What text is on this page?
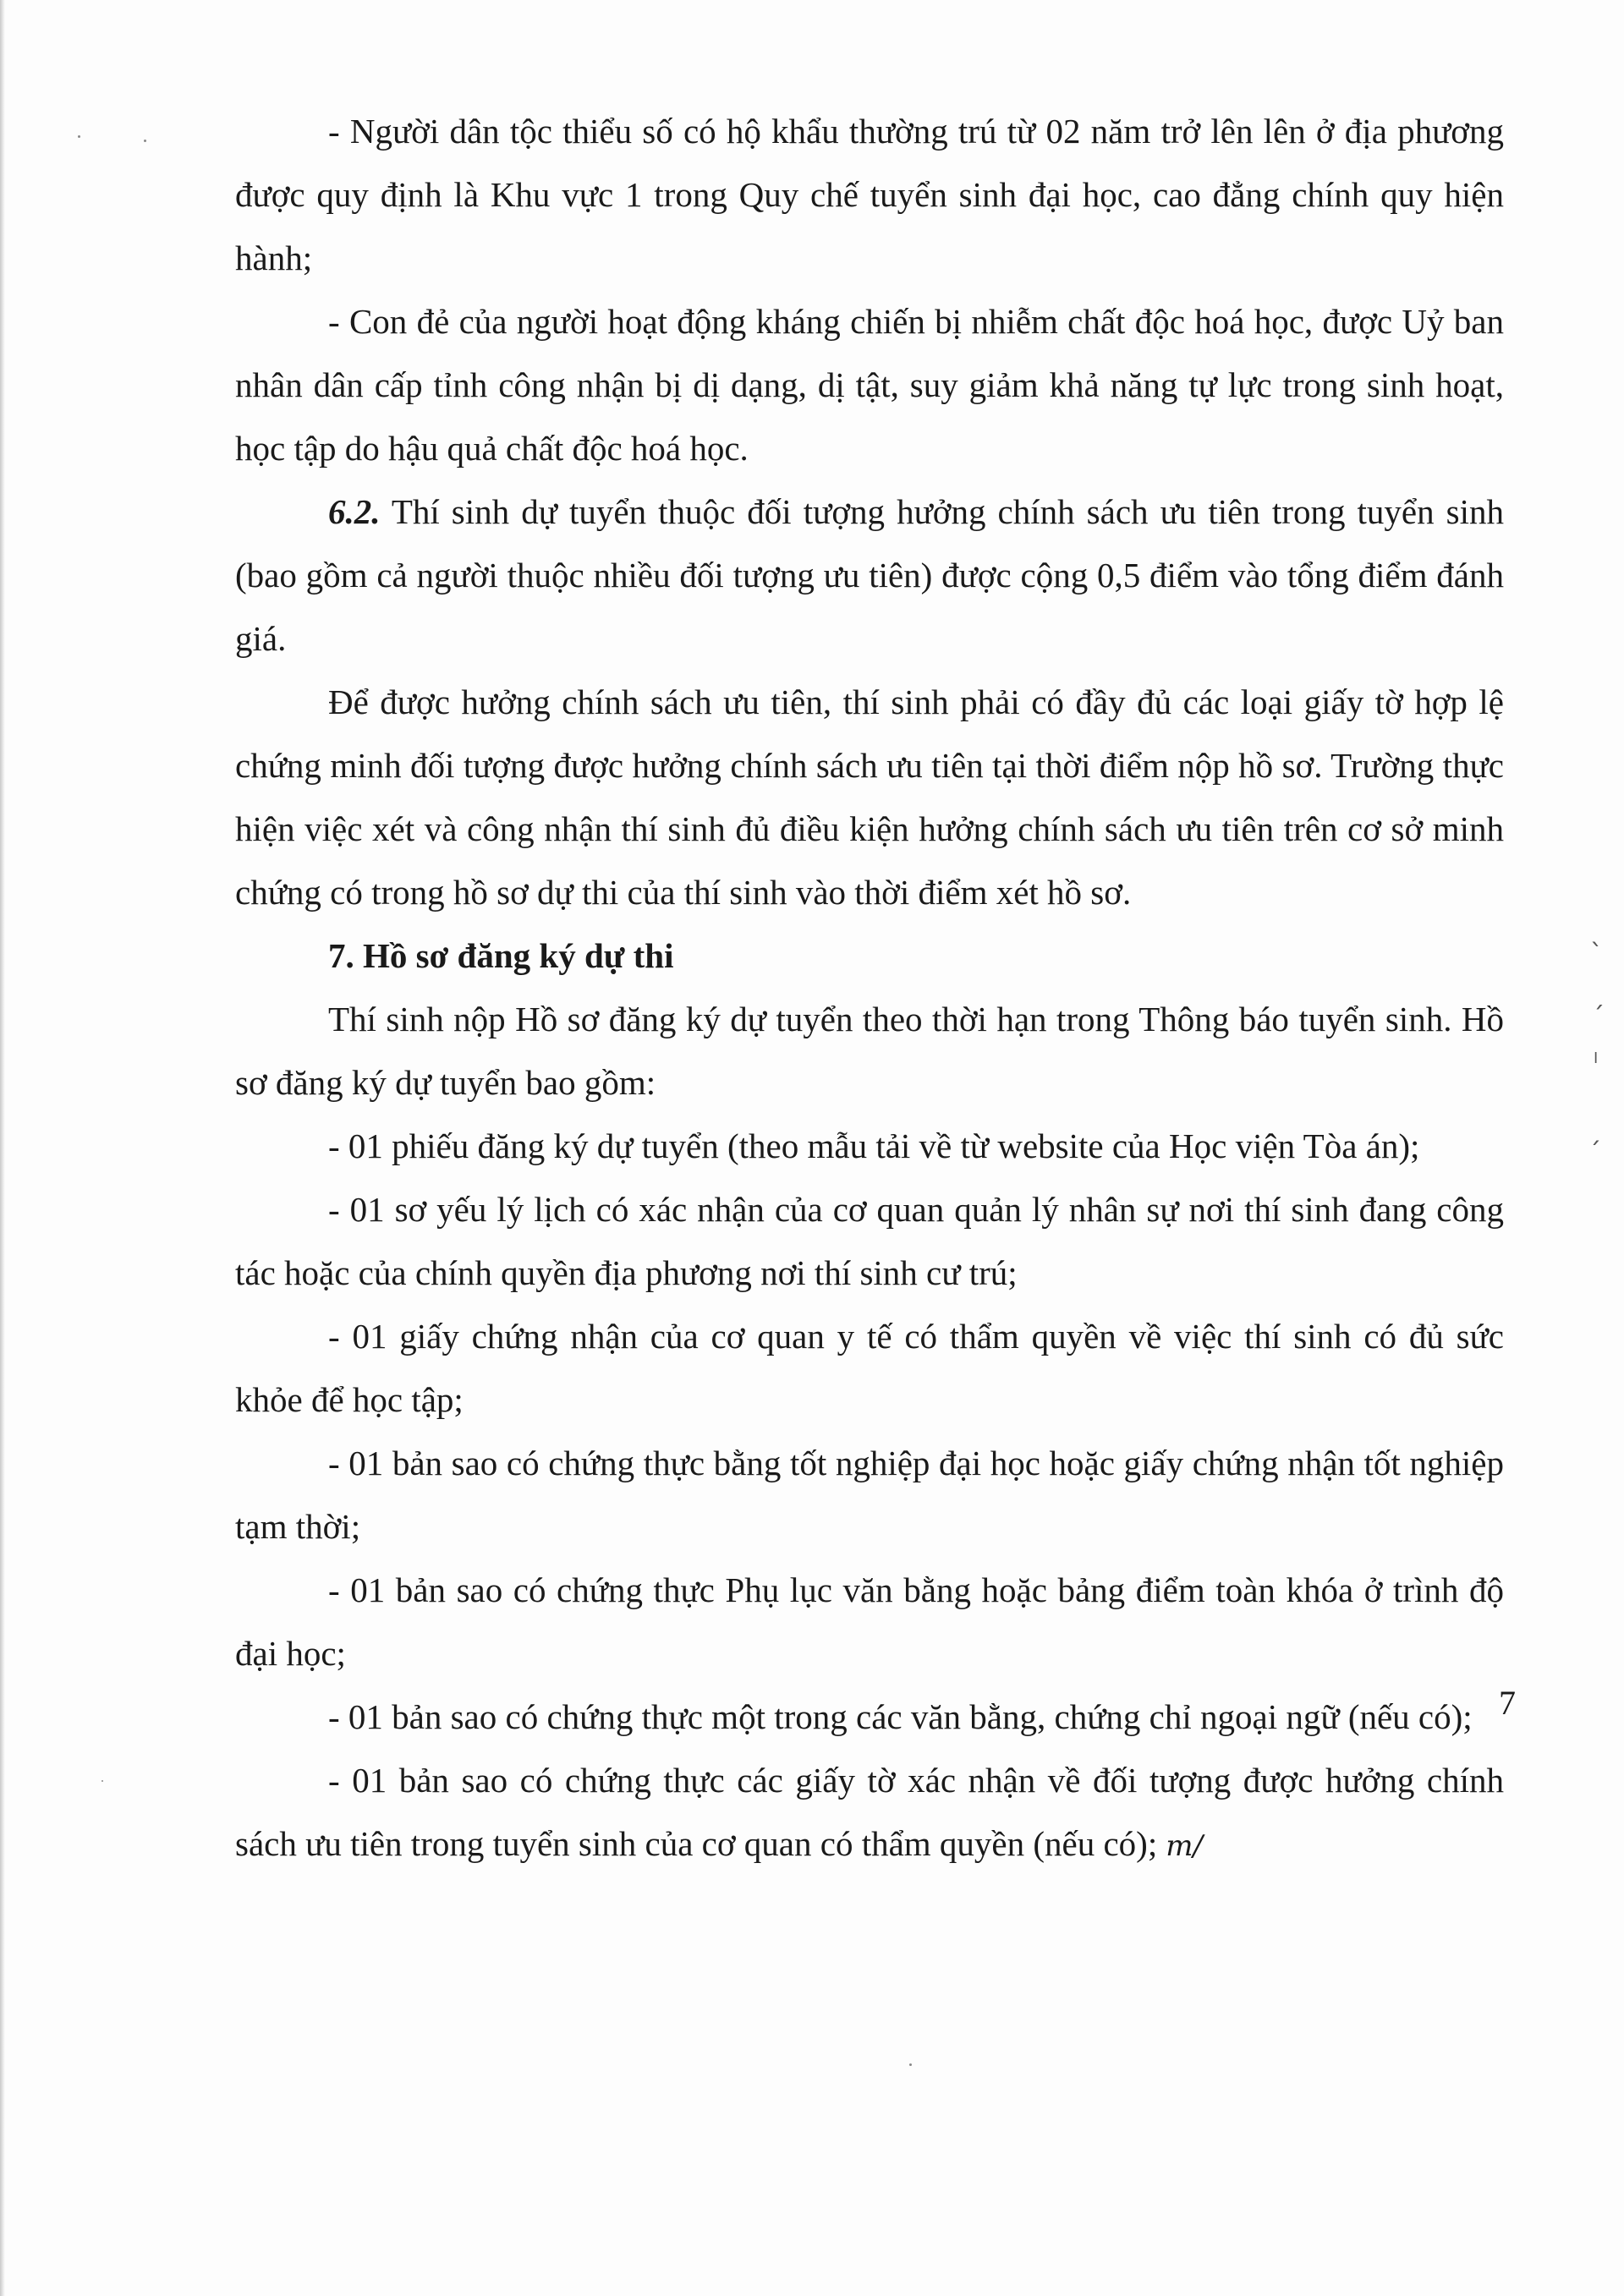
ˎ
ˊ
ˡ
ˏ

- Người dân tộc thiểu số có hộ khẩu thường trú từ 02 năm trở lên lên ở địa phương được quy định là Khu vực 1 trong Quy chế tuyển sinh đại học, cao đẳng chính quy hiện hành;

- Con đẻ của người hoạt động kháng chiến bị nhiễm chất độc hoá học, được Uỷ ban nhân dân cấp tỉnh công nhận bị dị dạng, dị tật, suy giảm khả năng tự lực trong sinh hoạt, học tập do hậu quả chất độc hoá học.

6.2. Thí sinh dự tuyển thuộc đối tượng hưởng chính sách ưu tiên trong tuyển sinh (bao gồm cả người thuộc nhiều đối tượng ưu tiên) được cộng 0,5 điểm vào tổng điểm đánh giá.

Để được hưởng chính sách ưu tiên, thí sinh phải có đầy đủ các loại giấy tờ hợp lệ chứng minh đối tượng được hưởng chính sách ưu tiên tại thời điểm nộp hồ sơ. Trường thực hiện việc xét và công nhận thí sinh đủ điều kiện hưởng chính sách ưu tiên trên cơ sở minh chứng có trong hồ sơ dự thi của thí sinh vào thời điểm xét hồ sơ.

7. Hồ sơ đăng ký dự thi

Thí sinh nộp Hồ sơ đăng ký dự tuyển theo thời hạn trong Thông báo tuyển sinh. Hồ sơ đăng ký dự tuyển bao gồm:

- 01 phiếu đăng ký dự tuyển (theo mẫu tải về từ website của Học viện Tòa án);

- 01 sơ yếu lý lịch có xác nhận của cơ quan quản lý nhân sự nơi thí sinh đang công tác hoặc của chính quyền địa phương nơi thí sinh cư trú;

- 01 giấy chứng nhận của cơ quan y tế có thẩm quyền về việc thí sinh có đủ sức khỏe để học tập;

- 01 bản sao có chứng thực bằng tốt nghiệp đại học hoặc giấy chứng nhận tốt nghiệp tạm thời;

- 01 bản sao có chứng thực Phụ lục văn bằng hoặc bảng điểm toàn khóa ở trình độ đại học;

- 01 bản sao có chứng thực một trong các văn bằng, chứng chỉ ngoại ngữ (nếu có);

- 01 bản sao có chứng thực các giấy tờ xác nhận về đối tượng được hưởng chính sách ưu tiên trong tuyển sinh của cơ quan có thẩm quyền (nếu có); m/

7
